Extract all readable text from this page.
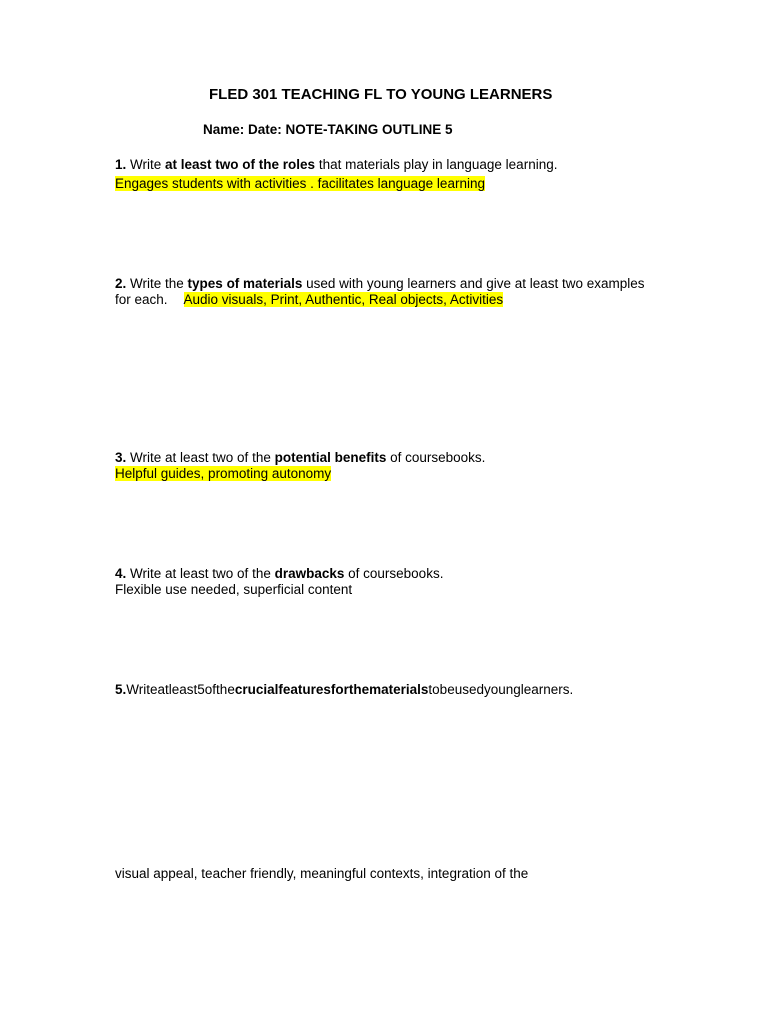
FLED 301 TEACHING FL TO YOUNG LEARNERS
Name: Date: NOTE-TAKING OUTLINE 5
1. Write at least two of the roles that materials play in language learning.
Engages students with activities . facilitates language learning
2. Write the types of materials used with young learners and give at least two examples
for each. Audio visuals, Print, Authentic, Real objects, Activities
3. Write at least two of the potential benefits of coursebooks.
Helpful guides, promoting autonomy
4. Write at least two of the drawbacks of coursebooks.
Flexible use needed, superficial content
5.Writeatleast5ofthecrucialfeaturesforthematerialstobeusedyounglearners.
visual appeal, teacher friendly, meaningful contexts, integration of the
